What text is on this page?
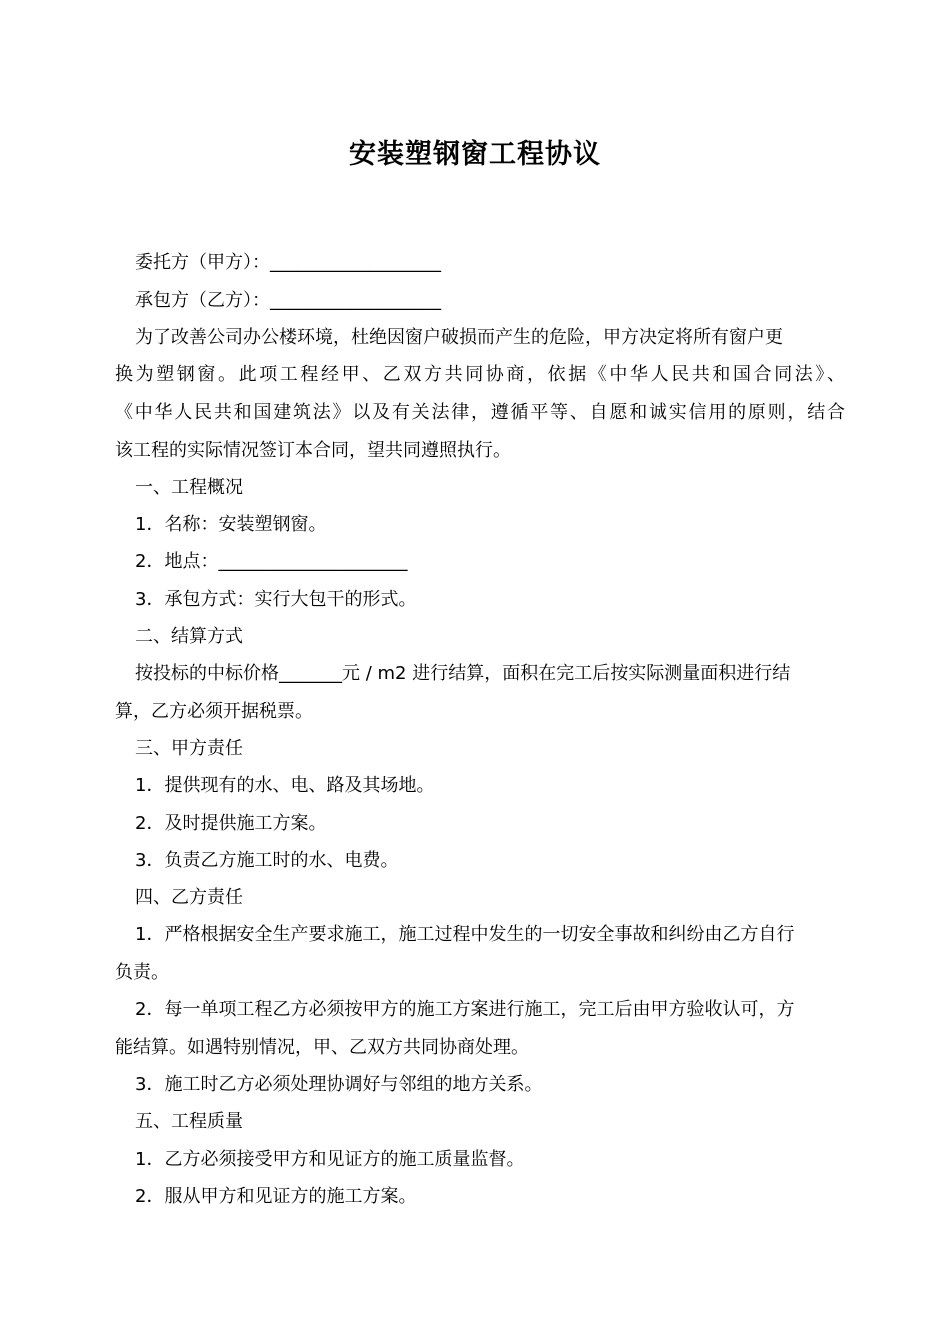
安装塑钢窗工程协议
委托方（甲方）：___________________
承包方（乙方）：___________________
为了改善公司办公楼环境，杜绝因窗户破损而产生的危险，甲方决定将所有窗户更
换为塑钢窗。此项工程经甲、乙双方共同协商，依据《中华人民共和国合同法》、
《中华人民共和国建筑法》以及有关法律，遵循平等、自愿和诚实信用的原则，结合
该工程的实际情况签订本合同，望共同遵照执行。
一、工程概况
1．名称：安装塑钢窗。
2．地点：_____________________
3．承包方式：实行大包干的形式。
二、结算方式
按投标的中标价格_______元 / m2 进行结算，面积在完工后按实际测量面积进行结
算，乙方必须开据税票。
三、甲方责任
1．提供现有的水、电、路及其场地。
2．及时提供施工方案。
3．负责乙方施工时的水、电费。
四、乙方责任
1．严格根据安全生产要求施工，施工过程中发生的一切安全事故和纠纷由乙方自行
负责。
2．每一单项工程乙方必须按甲方的施工方案进行施工，完工后由甲方验收认可，方
能结算。如遇特别情况，甲、乙双方共同协商处理。
3．施工时乙方必须处理协调好与邻组的地方关系。
五、工程质量
1．乙方必须接受甲方和见证方的施工质量监督。
2．服从甲方和见证方的施工方案。
